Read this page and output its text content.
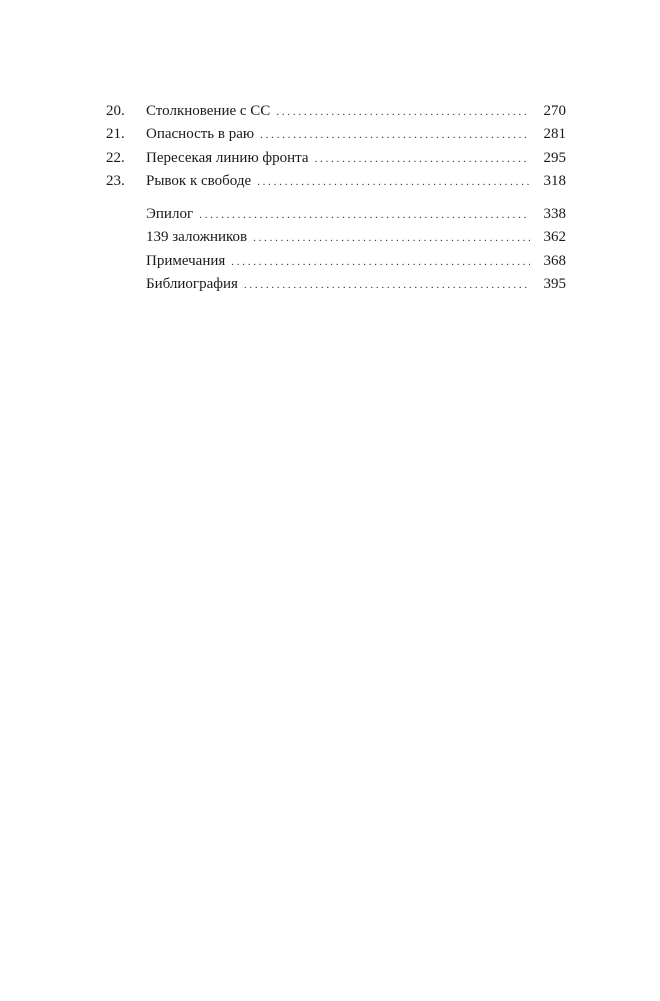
20.	Столкновение с СС . . .	270
21.	Опасность в раю . . .	281
22.	Пересекая линию фронта . . .	295
23.	Рывок к свободе . . .	318
Эпилог . . .	338
139 заложников . . .	362
Примечания . . .	368
Библиография . . .	395
